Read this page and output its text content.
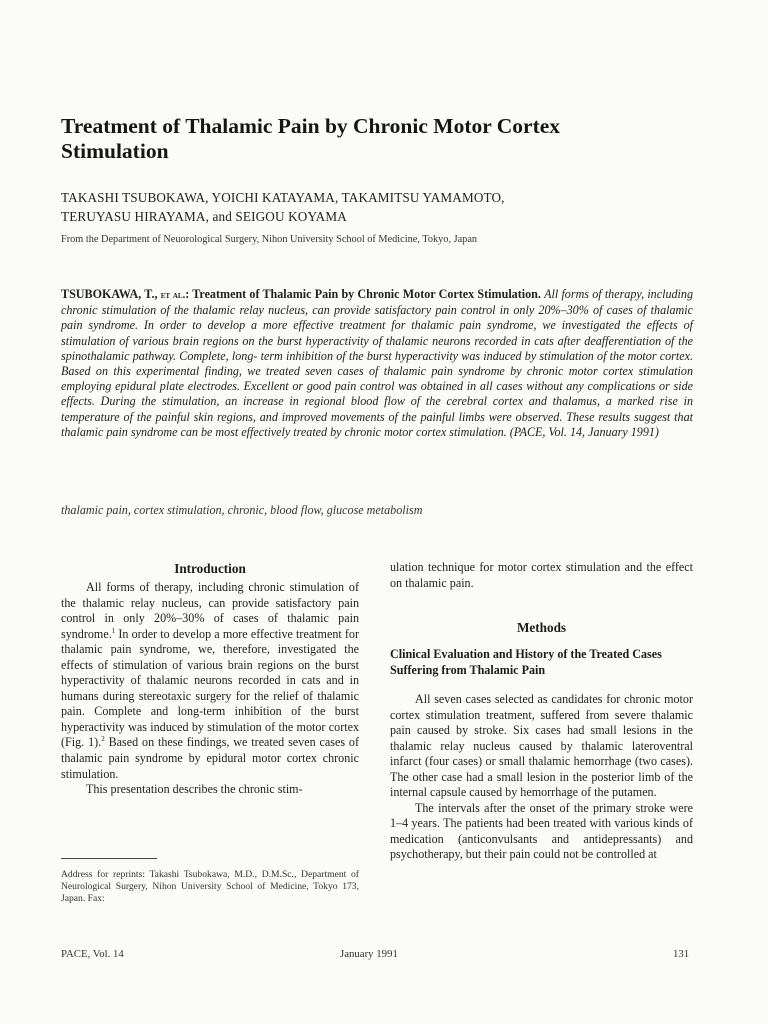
Treatment of Thalamic Pain by Chronic Motor Cortex Stimulation
TAKASHI TSUBOKAWA, YOICHI KATAYAMA, TAKAMITSU YAMAMOTO,
TERUYASU HIRAYAMA, and SEIGOU KOYAMA
From the Department of Neuorological Surgery, Nihon University School of Medicine, Tokyo, Japan
TSUBOKAWA, T., et al.: Treatment of Thalamic Pain by Chronic Motor Cortex Stimulation. All forms of therapy, including chronic stimulation of the thalamic relay nucleus, can provide satisfactory pain control in only 20%–30% of cases of thalamic pain syndrome. In order to develop a more effective treatment for thalamic pain syndrome, we investigated the effects of stimulation of various brain regions on the burst hyperactivity of thalamic neurons recorded in cats after deafferentiation of the spinothalamic pathway. Complete, long- term inhibition of the burst hyperactivity was induced by stimulation of the motor cortex. Based on this experimental finding, we treated seven cases of thalamic pain syndrome by chronic motor cortex stimulation employing epidural plate electrodes. Excellent or good pain control was obtained in all cases without any complications or side effects. During the stimulation, an increase in regional blood flow of the cerebral cortex and thalamus, a marked rise in temperature of the painful skin regions, and improved movements of the painful limbs were observed. These results suggest that thalamic pain syndrome can be most effectively treated by chronic motor cortex stimulation. (PACE, Vol. 14, January 1991)
thalamic pain, cortex stimulation, chronic, blood flow, glucose metabolism
Introduction

All forms of therapy, including chronic stimulation of the thalamic relay nucleus, can provide satisfactory pain control in only 20%–30% of cases of thalamic pain syndrome.$^1$ In order to develop a more effective treatment for thalamic pain syndrome, we, therefore, investigated the effects of stimulation of various brain regions on the burst hyperactivity of thalamic neurons recorded in cats and in humans during stereotaxic surgery for the relief of thalamic pain. Complete and long-term inhibition of the burst hyperactivity was induced by stimulation of the motor cortex (Fig. 1).$^2$ Based on these findings, we treated seven cases of thalamic pain syndrome by epidural motor cortex chronic stimulation.

This presentation describes the chronic stim-

ulation technique for motor cortex stimulation and the effect on thalamic pain.

Methods
Clinical Evaluation and History of the Treated Cases Suffering from Thalamic Pain

All seven cases selected as candidates for chronic motor cortex stimulation treatment, suffered from severe thalamic pain caused by stroke. Six cases had small lesions in the thalamic relay nucleus caused by thalamic lateroventral infarct (four cases) or small thalamic hemorrhage (two cases). The other case had a small lesion in the posterior limb of the internal capsule caused by hemorrhage of the putamen.

The intervals after the onset of the primary stroke were 1–4 years. The patients had been treated with various kinds of medication (anticonvulsants and antidepressants) and psychotherapy, but their pain could not be controlled at

Address for reprints: Takashi Tsubokawa, M.D., D.M.Sc., Department of Neurological Surgery, Nihon University School of Medicine, Tokyo 173, Japan. Fax:
PACE, Vol. 14	January 1991	131
